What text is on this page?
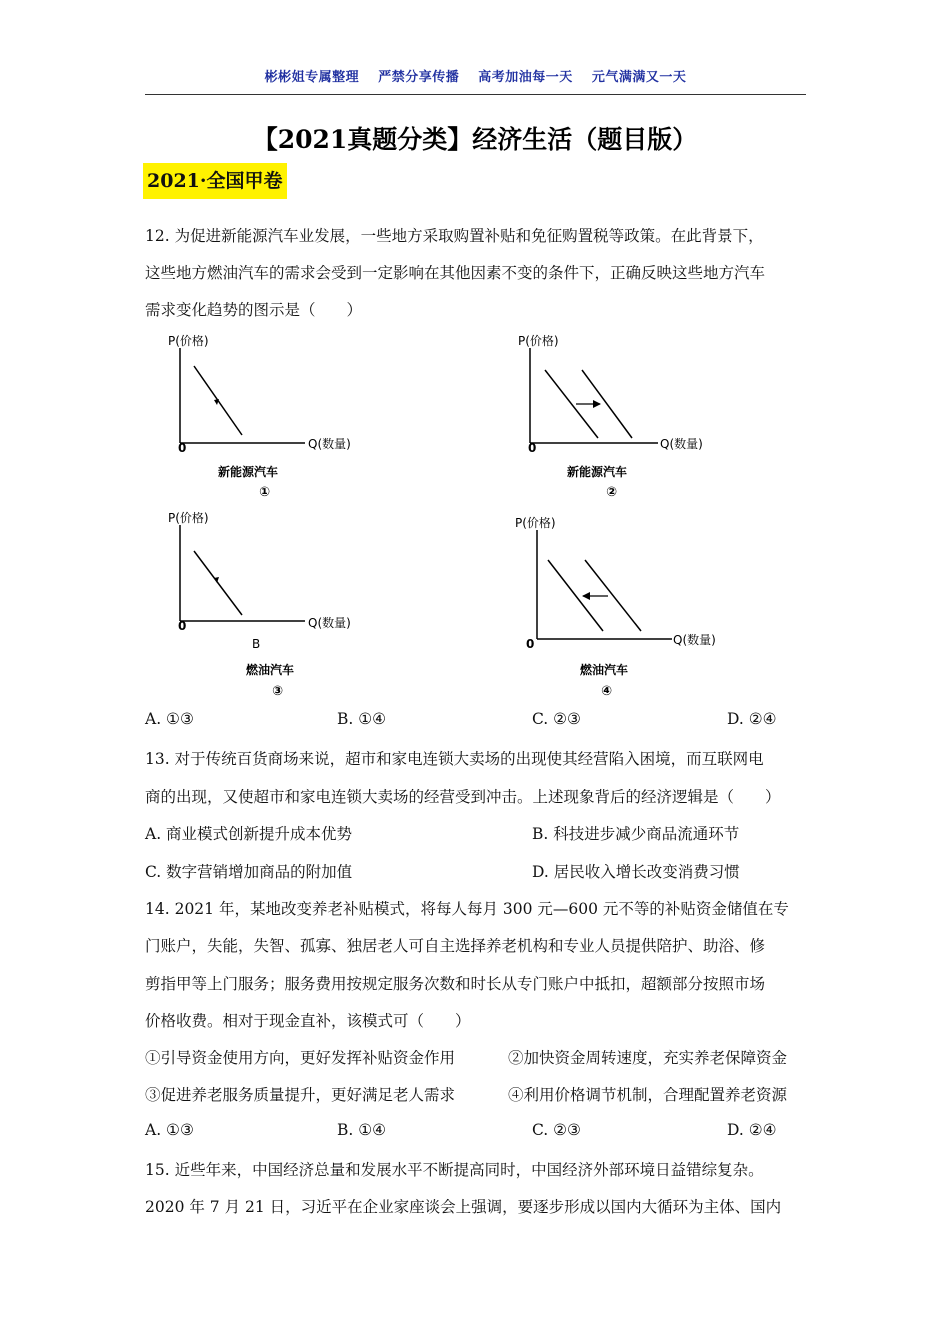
彬彬姐专属整理 严禁分享传播 高考加油每一天 元气满满又一天
【2021真题分类】经济生活（题目版）
2021·全国甲卷
12. 为促进新能源汽车业发展，一些地方采取购置补贴和免征购置税等政策。在此背景下，
这些地方燃油汽车的需求会受到一定影响在其他因素不变的条件下，正确反映这些地方汽车
需求变化趋势的图示是（　　）
P(价格)
0	Q(数量)
新能源汽车
①
P(价格)
0	Q(数量)
新能源汽车
②
P(价格)
0	Q(数量)
B
燃油汽车
③
P(价格)
0	Q(数量)
燃油汽车
④
A. ①③	B. ①④	C. ②③	D. ②④
13. 对于传统百货商场来说，超市和家电连锁大卖场的出现使其经营陷入困境，而互联网电
商的出现，又使超市和家电连锁大卖场的经营受到冲击。上述现象背后的经济逻辑是（　　）
A. 商业模式创新提升成本优势	B. 科技进步减少商品流通环节
C. 数字营销增加商品的附加值	D. 居民收入增长改变消费习惯
14. 2021 年，某地改变养老补贴模式，将每人每月 300 元—600 元不等的补贴资金储值在专
门账户，失能，失智、孤寡、独居老人可自主选择养老机构和专业人员提供陪护、助浴、修
剪指甲等上门服务；服务费用按规定服务次数和时长从专门账户中抵扣，超额部分按照市场
价格收费。相对于现金直补，该模式可（　　）
①引导资金使用方向，更好发挥补贴资金作用	②加快资金周转速度，充实养老保障资金
③促进养老服务质量提升，更好满足老人需求	④利用价格调节机制，合理配置养老资源
A. ①③	B. ①④	C. ②③	D. ②④
15. 近些年来，中国经济总量和发展水平不断提高同时，中国经济外部环境日益错综复杂。
2020 年 7 月 21 日，习近平在企业家座谈会上强调，要逐步形成以国内大循环为主体、国内
